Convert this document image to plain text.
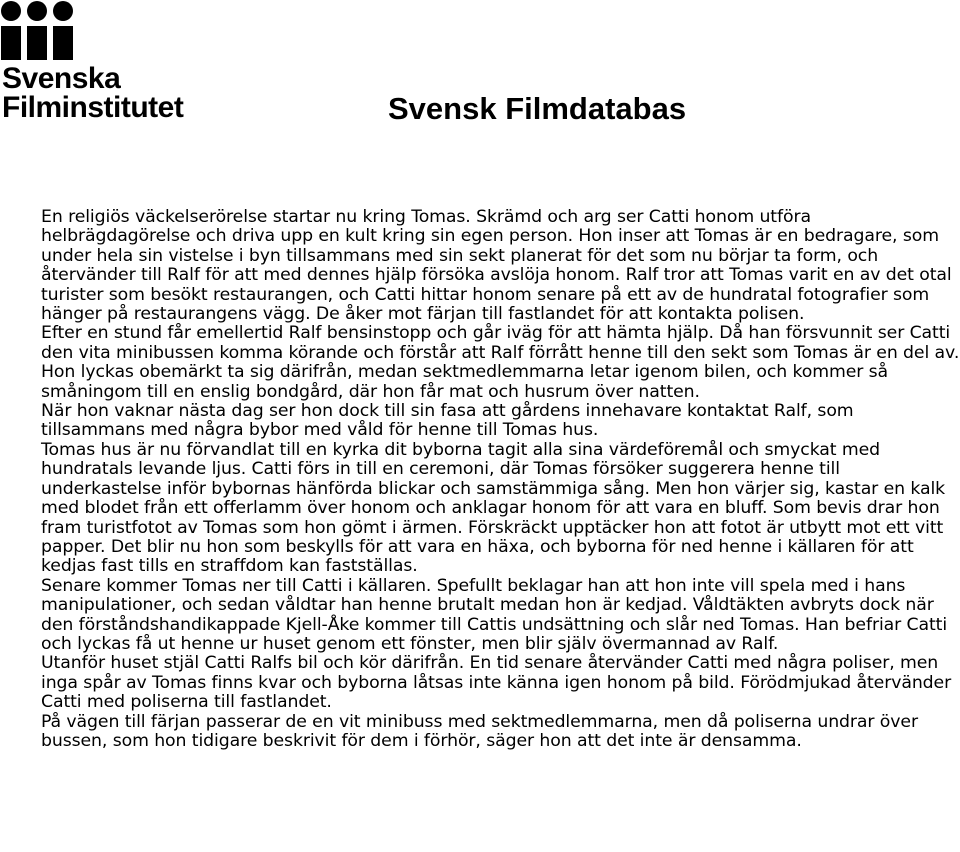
Svenska
Filminstitutet	Svensk Filmdatabas

En religiös väckelserörelse startar nu kring Tomas. Skrämd och arg ser Catti honom utföra helbrägdagörelse och driva upp en kult kring sin egen person. Hon inser att Tomas är en bedragare, som under hela sin vistelse i byn tillsammans med sin sekt planerat för det som nu börjar ta form, och återvänder till Ralf för att med dennes hjälp försöka avslöja honom. Ralf tror att Tomas varit en av det otal turister som besökt restaurangen, och Catti hittar honom senare på ett av de hundratal fotografier som hänger på restaurangens vägg. De åker mot färjan till fastlandet för att kontakta polisen.

Efter en stund får emellertid Ralf bensinstopp och går iväg för att hämta hjälp. Då han försvunnit ser Catti den vita minibussen komma körande och förstår att Ralf förrått henne till den sekt som Tomas är en del av. Hon lyckas obemärkt ta sig därifrån, medan sektmedlemmarna letar igenom bilen, och kommer så småningom till en enslig bondgård, där hon får mat och husrum över natten.

När hon vaknar nästa dag ser hon dock till sin fasa att gårdens innehavare kontaktat Ralf, som tillsammans med några bybor med våld för henne till Tomas hus.

Tomas hus är nu förvandlat till en kyrka dit byborna tagit alla sina värdeföremål och smyckat med hundratals levande ljus. Catti förs in till en ceremoni, där Tomas försöker suggerera henne till underkastelse inför bybornas hänförda blickar och samstämmiga sång. Men hon värjer sig, kastar en kalk med blodet från ett offerlamm över honom och anklagar honom för att vara en bluff. Som bevis drar hon fram turistfotot av Tomas som hon gömt i ärmen. Förskräckt upptäcker hon att fotot är utbytt mot ett vitt papper. Det blir nu hon som beskylls för att vara en häxa, och byborna för ned henne i källaren för att kedjas fast tills en straffdom kan fastställas.

Senare kommer Tomas ner till Catti i källaren. Spefullt beklagar han att hon inte vill spela med i hans manipulationer, och sedan våldtar han henne brutalt medan hon är kedjad. Våldtäkten avbryts dock när den förståndshandikappade Kjell-Åke kommer till Cattis undsättning och slår ned Tomas. Han befriar Catti och lyckas få ut henne ur huset genom ett fönster, men blir själv övermannad av Ralf.

Utanför huset stjäl Catti Ralfs bil och kör därifrån. En tid senare återvänder Catti med några poliser, men inga spår av Tomas finns kvar och byborna låtsas inte känna igen honom på bild. Förödmjukad återvänder Catti med poliserna till fastlandet.

På vägen till färjan passerar de en vit minibuss med sektmedlemmarna, men då poliserna undrar över bussen, som hon tidigare beskrivit för dem i förhör, säger hon att det inte är densamma.
